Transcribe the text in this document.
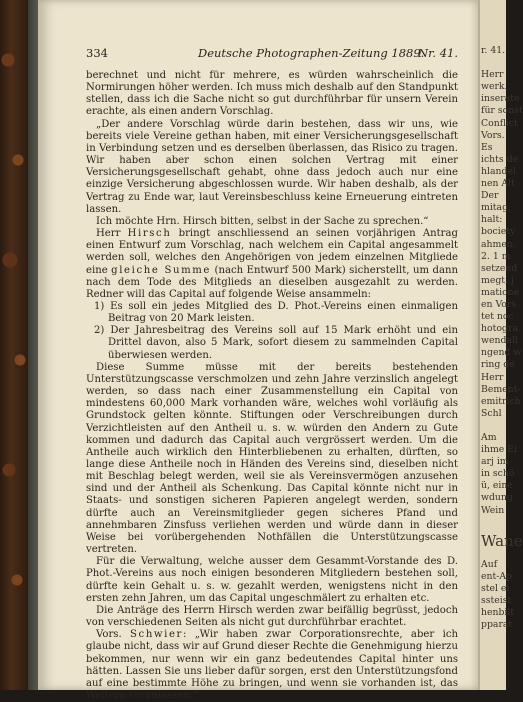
334	Deutsche Photographen-Zeitung 1889.
Nr. 41.

berechnet und nicht für mehrere, es würden wahrscheinlich die Normirungen höher werden. Ich muss mich deshalb auf den Standpunkt stellen, dass ich die Sache nicht so gut durchführbar für unsern Verein erachte, als einen andern Vorschlag.

„Der andere Vorschlag würde darin bestehen, dass wir uns, wie bereits viele Vereine gethan haben, mit einer Versicherungsgesellschaft in Verbindung setzen und es derselben überlassen, das Risico zu tragen. Wir haben aber schon einen solchen Vertrag mit einer Versicherungsgesellschaft gehabt, ohne dass jedoch auch nur eine einzige Versicherung abgeschlossen wurde. Wir haben deshalb, als der Vertrag zu Ende war, laut Vereinsbeschluss keine Erneuerung eintreten lassen.

Ich möchte Hrn. Hirsch bitten, selbst in der Sache zu sprechen.“

Herr Hirsch bringt anschliessend an seinen vorjährigen Antrag einen Entwurf zum Vorschlag, nach welchem ein Capital angesammelt werden soll, welches den Angehörigen von jedem einzelnen Mitgliede eine gleiche Summe (nach Entwurf 500 Mark) sicherstellt, um dann nach dem Tode des Mitglieds an dieselben ausgezahlt zu werden. Redner will das Capital auf folgende Weise ansammeln:

1) Es soll ein jedes Mitglied des D. Phot.-Vereins einen einmaligen Beitrag von 20 Mark leisten.

2) Der Jahresbeitrag des Vereins soll auf 15 Mark erhöht und ein Drittel davon, also 5 Mark, sofort diesem zu sammelnden Capital überwiesen werden.

Diese Summe müsse mit der bereits bestehenden Unterstützungscasse verschmolzen und zehn Jahre verzinslich angelegt werden, so dass nach einer Zusammenstellung ein Capital von mindestens 60,000 Mark vorhanden wäre, welches wohl vorläufig als Grundstock gelten könnte. Stiftungen oder Verschreibungen durch Verzichtleisten auf den Antheil u. s. w. würden den Andern zu Gute kommen und dadurch das Capital auch vergrössert werden. Um die Antheile auch wirklich den Hinterbliebenen zu erhalten, dürften, so lange diese Antheile noch in Händen des Vereins sind, dieselben nicht mit Beschlag belegt werden, weil sie als Vereinsvermögen anzusehen sind und der Antheil als Schenkung. Das Capital könnte nicht nur in Staats- und sonstigen sicheren Papieren angelegt werden, sondern dürfte auch an Vereinsmitglieder gegen sicheres Pfand und annehmbaren Zinsfuss verliehen werden und würde dann in dieser Weise bei vorübergehenden Nothfällen die Unterstützungscasse vertreten.

Für die Verwaltung, welche ausser dem Gesammt-Vorstande des D. Phot.-Vereins aus noch einigen besonderen Mitgliedern bestehen soll, dürfte kein Gehalt u. s. w. gezahlt werden, wenigstens nicht in den ersten zehn Jahren, um das Capital ungeschmälert zu erhalten etc.

Die Anträge des Herrn Hirsch werden zwar beifällig begrüsst, jedoch von verschiedenen Seiten als nicht gut durchführbar erachtet.

Vors. Schwier: „Wir haben zwar Corporationsrechte, aber ich glaube nicht, dass wir auf Grund dieser Rechte die Genehmigung hierzu bekommen, nur wenn wir ein ganz bedeutendes Capital hinter uns hätten. Lassen Sie uns lieber dafür sorgen, erst den Unterstützungsfond auf eine bestimmte Höhe zu bringen, und wenn sie vorhanden ist, das Weitere veranlassen.“

r. 41.
Herr
werk.
inserate
für sonst
Conflict
Vors.
Es
ichts de
hlandel
nen Alt
Der
mitag,
halt:
bociety
ahmen.
2. 1 m
setzend
megt, j
matione
en Vors
tet noc
hotogra
wendall
ngend w
ring de
Herr
Bement-
emitrich
Schl
Am
ihme Ei
arj im
in schö
ü, eine
wdung
Wein
Wane
Auf
ent-Ap
stel ei
ssteist
henbilt
pparat
